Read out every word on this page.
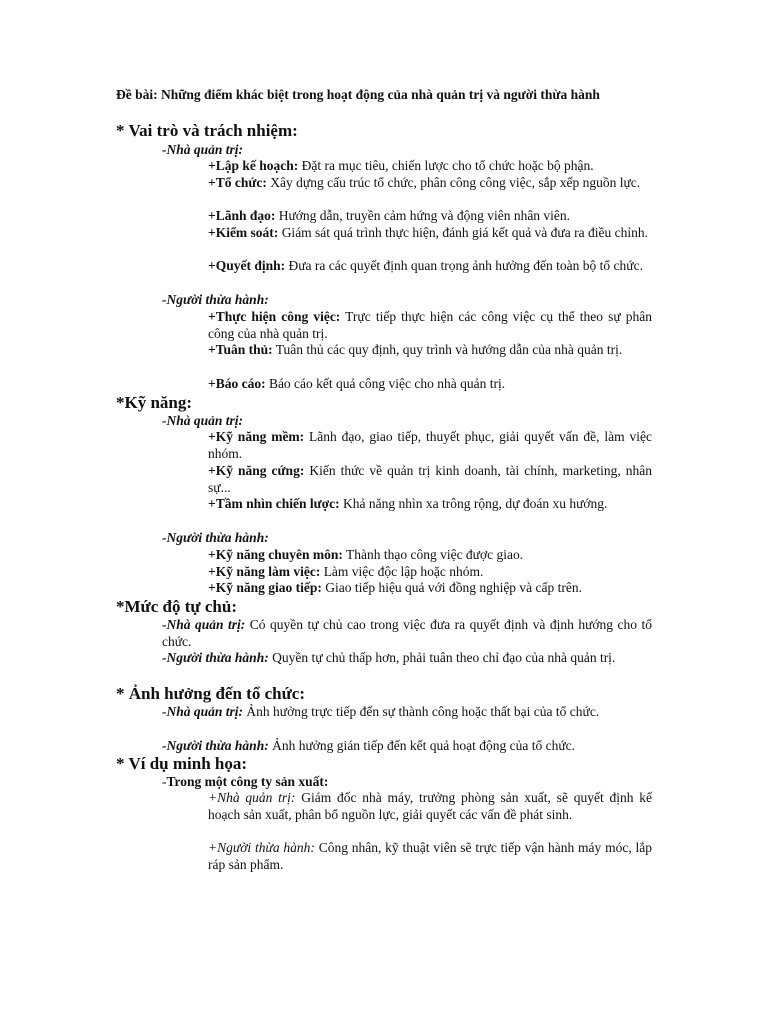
Đề bài: Những điểm khác biệt trong hoạt động của nhà quản trị và người thừa hành
* Vai trò và trách nhiệm:
-Nhà quản trị:
+Lập kế hoạch: Đặt ra mục tiêu, chiến lược cho tổ chức hoặc bộ phận.
+Tổ chức: Xây dựng cấu trúc tổ chức, phân công công việc, sắp xếp nguồn lực.
+Lãnh đạo: Hướng dẫn, truyền cảm hứng và động viên nhân viên.
+Kiểm soát: Giám sát quá trình thực hiện, đánh giá kết quả và đưa ra điều chỉnh.
+Quyết định: Đưa ra các quyết định quan trọng ảnh hưởng đến toàn bộ tổ chức.
-Người thừa hành:
+Thực hiện công việc: Trực tiếp thực hiện các công việc cụ thể theo sự phân công của nhà quản trị.
+Tuân thủ: Tuân thủ các quy định, quy trình và hướng dẫn của nhà quản trị.
+Báo cáo: Báo cáo kết quả công việc cho nhà quản trị.
*Kỹ năng:
-Nhà quản trị:
+Kỹ năng mềm: Lãnh đạo, giao tiếp, thuyết phục, giải quyết vấn đề, làm việc nhóm.
+Kỹ năng cứng: Kiến thức về quản trị kinh doanh, tài chính, marketing, nhân sự...
+Tầm nhìn chiến lược: Khả năng nhìn xa trông rộng, dự đoán xu hướng.
-Người thừa hành:
+Kỹ năng chuyên môn: Thành thạo công việc được giao.
+Kỹ năng làm việc: Làm việc độc lập hoặc nhóm.
+Kỹ năng giao tiếp: Giao tiếp hiệu quả với đồng nghiệp và cấp trên.
*Mức độ tự chủ:
-Nhà quản trị: Có quyền tự chủ cao trong việc đưa ra quyết định và định hướng cho tổ chức.
-Người thừa hành: Quyền tự chủ thấp hơn, phải tuân theo chỉ đạo của nhà quản trị.
* Ảnh hưởng đến tổ chức:
-Nhà quản trị: Ảnh hưởng trực tiếp đến sự thành công hoặc thất bại của tổ chức.
-Người thừa hành: Ảnh hưởng gián tiếp đến kết quả hoạt động của tổ chức.
* Ví dụ minh họa:
-Trong một công ty sản xuất:
+Nhà quản trị: Giám đốc nhà máy, trưởng phòng sản xuất, sẽ quyết định kế hoạch sản xuất, phân bổ nguồn lực, giải quyết các vấn đề phát sinh.
+Người thừa hành: Công nhân, kỹ thuật viên sẽ trực tiếp vận hành máy móc, lắp ráp sản phẩm.
